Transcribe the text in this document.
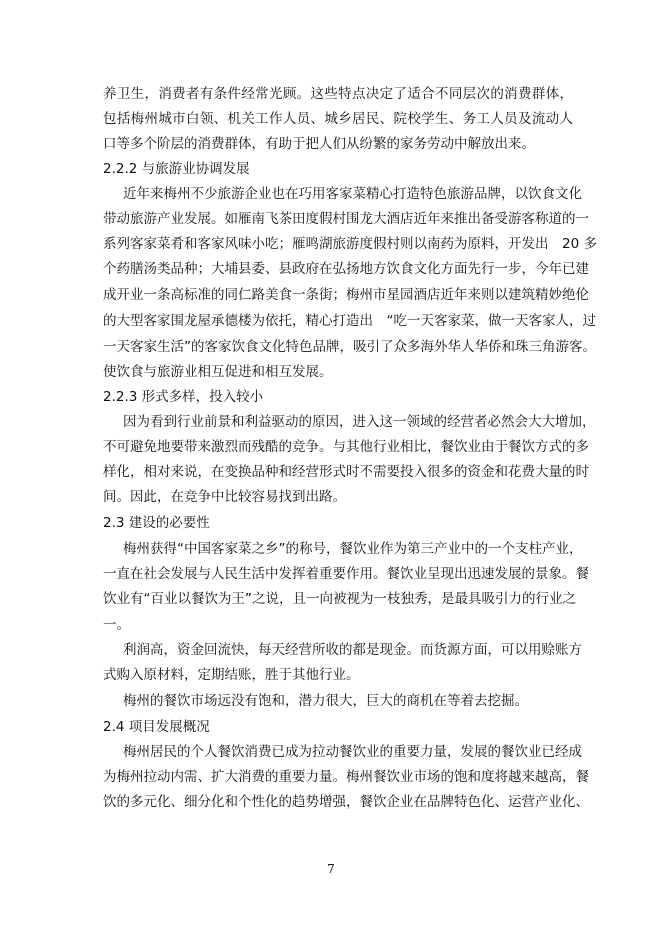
养卫生，消费者有条件经常光顾。这些特点决定了适合不同层次的消费群体，
包括梅州城市白领、机关工作人员、城乡居民、院校学生、务工人员及流动人
口等多个阶层的消费群体，有助于把人们从纷繁的家务劳动中解放出来。
2.2.2 与旅游业协调发展
近年来梅州不少旅游企业也在巧用客家菜精心打造特色旅游品牌，以饮食文化
带动旅游产业发展。如雁南飞茶田度假村围龙大酒店近年来推出备受游客称道的一
系列客家菜肴和客家风味小吃；雁鸣湖旅游度假村则以南药为原料，开发出　20 多
个药膳汤类品种；大埔县委、县政府在弘扬地方饮食文化方面先行一步，今年已建
成开业一条高标准的同仁路美食一条街；梅州市星园酒店近年来则以建筑精妙绝伦
的大型客家围龙屋承德楼为依托，精心打造出　“吃一天客家菜，做一天客家人，过
一天客家生活”的客家饮食文化特色品牌，吸引了众多海外华人华侨和珠三角游客。
使饮食与旅游业相互促进和相互发展。
2.2.3 形式多样，投入较小
因为看到行业前景和利益驱动的原因，进入这一领域的经营者必然会大大增加，
不可避免地要带来激烈而残酷的竞争。与其他行业相比，餐饮业由于餐饮方式的多
样化，相对来说，在变换品种和经营形式时不需要投入很多的资金和花费大量的时
间。因此，在竞争中比较容易找到出路。
2.3 建设的必要性
梅州获得“中国客家菜之乡”的称号，餐饮业作为第三产业中的一个支柱产业，
一直在社会发展与人民生活中发挥着重要作用。餐饮业呈现出迅速发展的景象。餐
饮业有“百业以餐饮为王”之说，且一向被视为一枝独秀，是最具吸引力的行业之
一。
利润高，资金回流快，每天经营所收的都是现金。而货源方面，可以用赊账方
式购入原材料，定期结账，胜于其他行业。
梅州的餐饮市场远没有饱和，潜力很大，巨大的商机在等着去挖掘。
2.4 项目发展概况
梅州居民的个人餐饮消费已成为拉动餐饮业的重要力量，发展的餐饮业已经成
为梅州拉动内需、扩大消费的重要力量。梅州餐饮业市场的饱和度将越来越高，餐
饮的多元化、细分化和个性化的趋势增强，餐饮企业在品牌特色化、运营产业化、
7
